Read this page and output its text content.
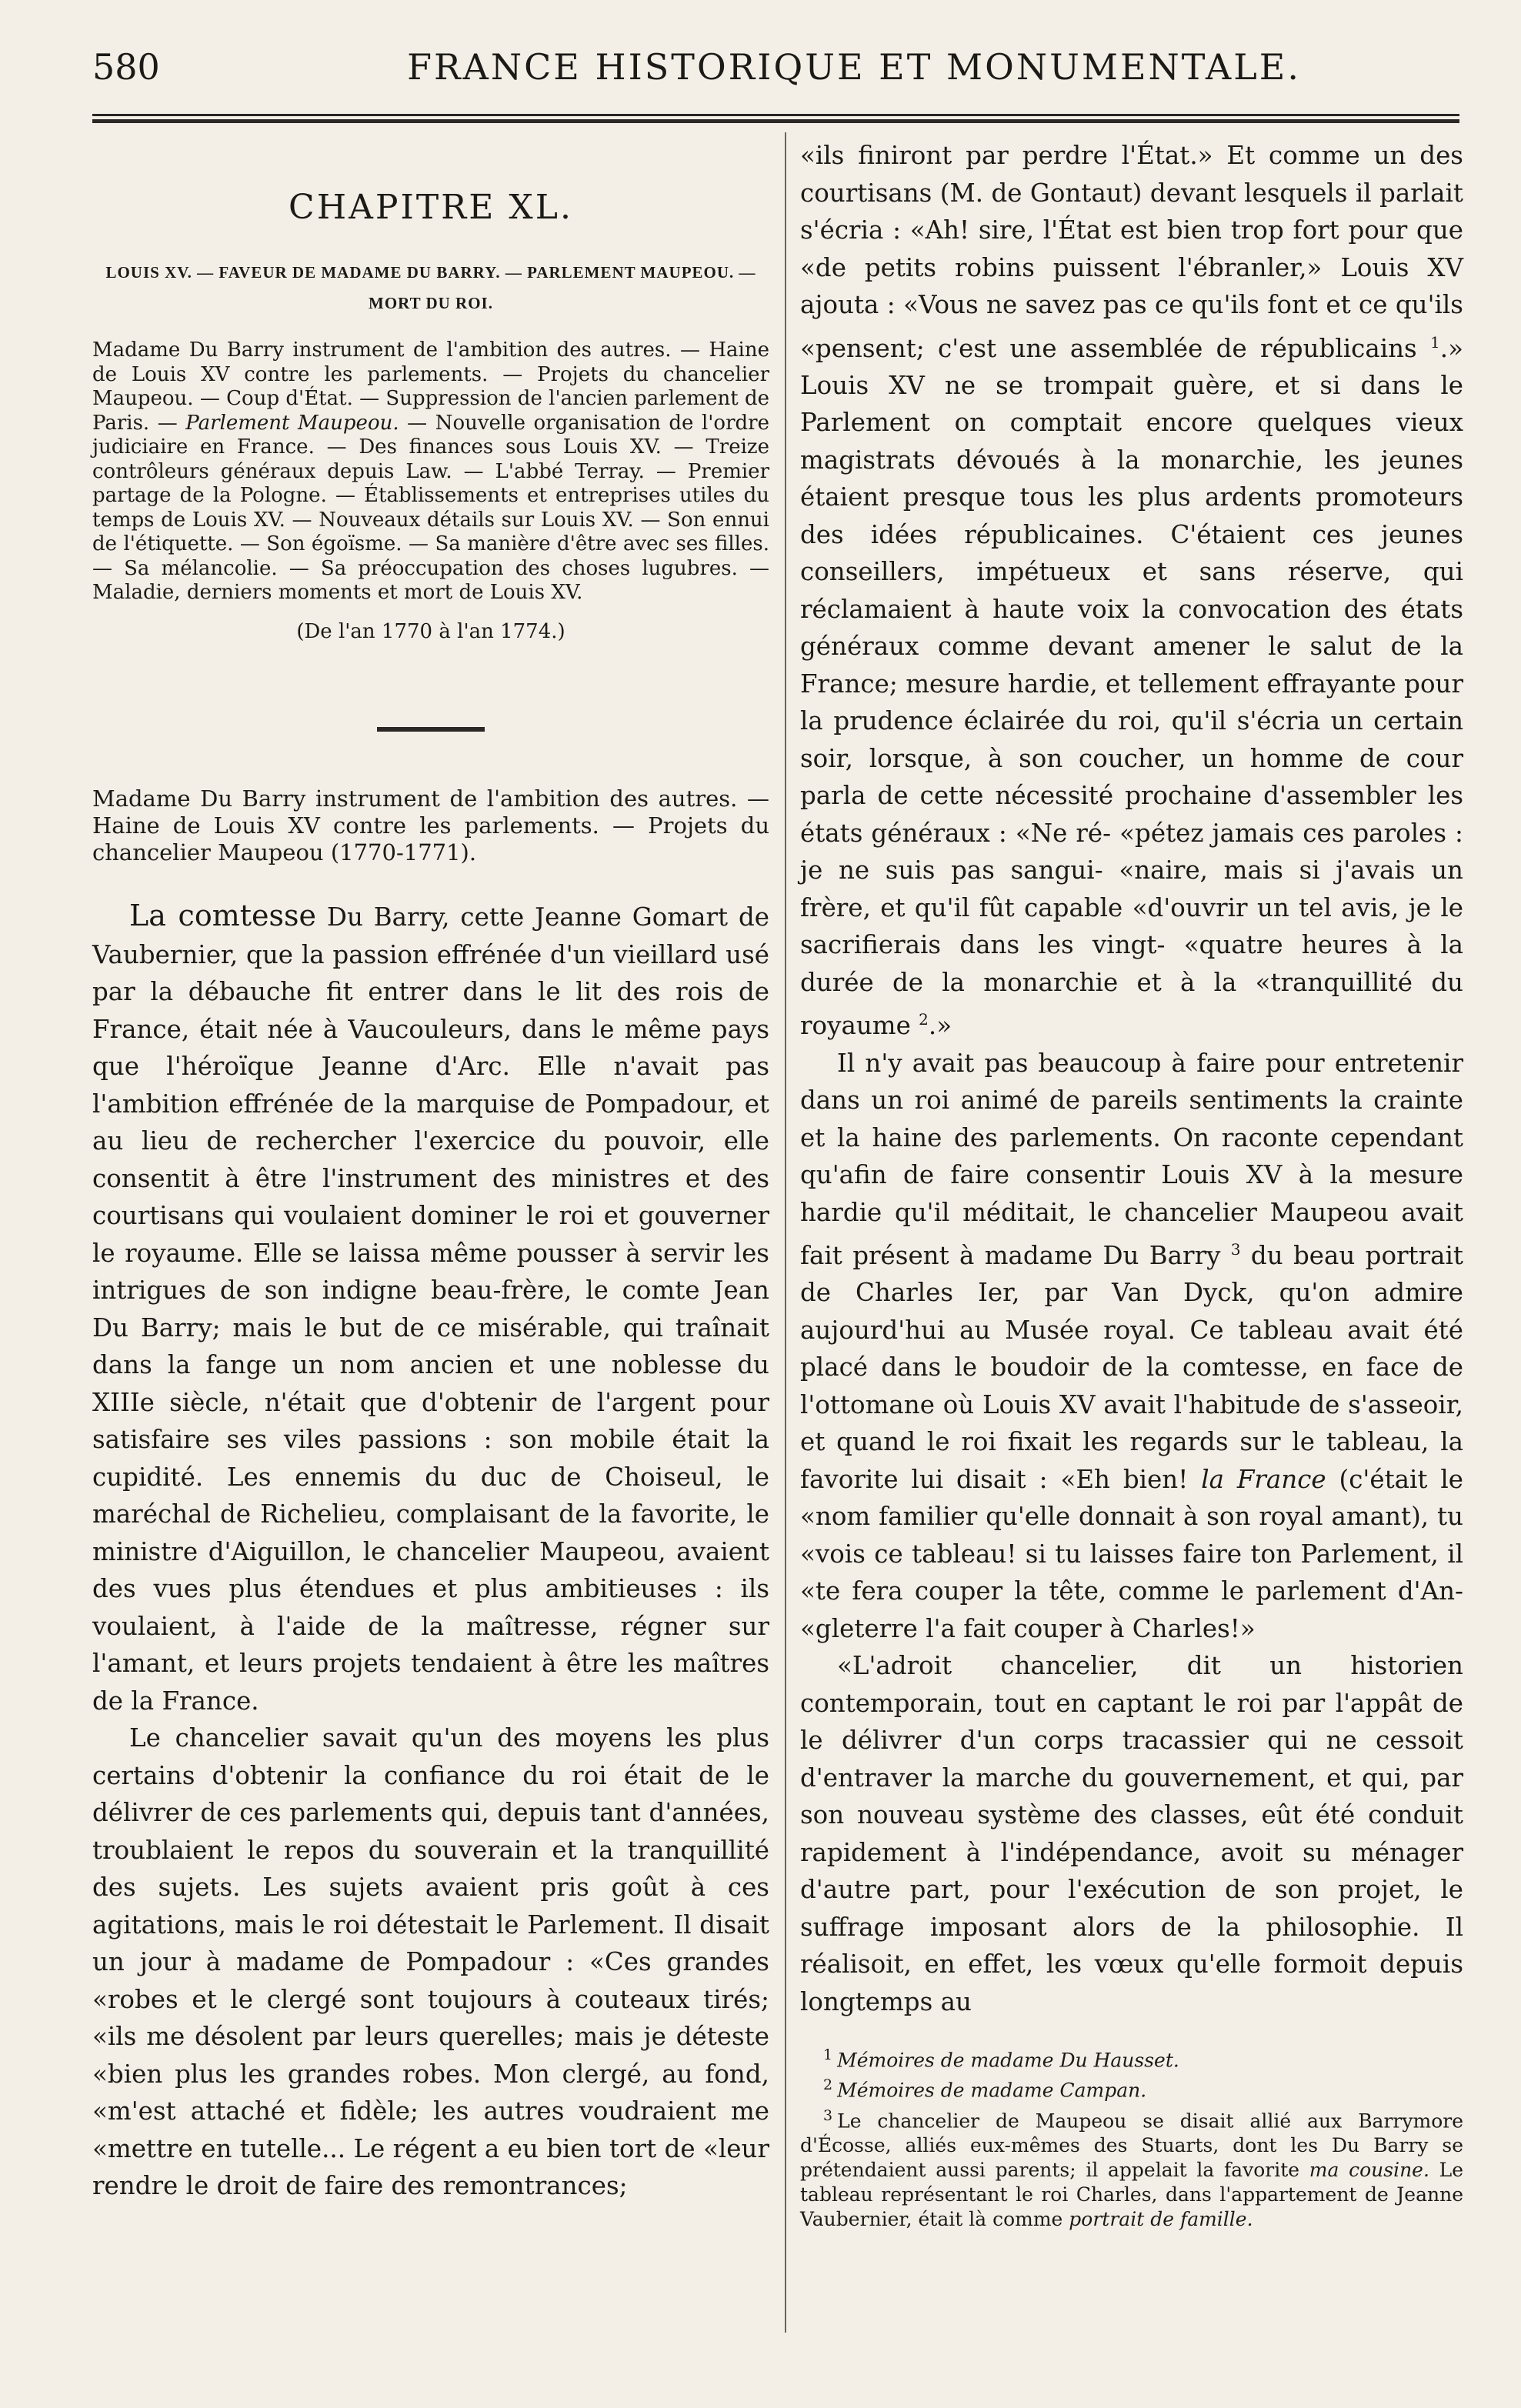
580	FRANCE HISTORIQUE ET MONUMENTALE.
CHAPITRE XL.
LOUIS XV. — FAVEUR DE MADAME DU BARRY. — PARLEMENT MAUPEOU. — MORT DU ROI.

Madame Du Barry instrument de l'ambition des autres. — Haine de Louis XV contre les parlements. — Projets du chancelier Maupeou. — Coup d'État. — Suppression de l'ancien parlement de Paris. — Parlement Maupeou. — Nouvelle organisation de l'ordre judiciaire en France. — Des finances sous Louis XV. — Treize contrôleurs généraux depuis Law. — L'abbé Terray. — Premier partage de la Pologne. — Établissements et entreprises utiles du temps de Louis XV. — Nouveaux détails sur Louis XV. — Son ennui de l'étiquette. — Son égoïsme. — Sa manière d'être avec ses filles. — Sa mélancolie. — Sa préoccupation des choses lugubres. — Maladie, derniers moments et mort de Louis XV.

(De l'an 1770 à l'an 1774.)

Madame Du Barry instrument de l'ambition des autres. — Haine de Louis XV contre les parlements. — Projets du chancelier Maupeou (1770-1771).

La comtesse Du Barry, cette Jeanne Gomart de Vaubernier, que la passion effrénée d'un vieillard usé par la débauche fit entrer dans le lit des rois de France, était née à Vaucouleurs, dans le même pays que l'héroïque Jeanne d'Arc. Elle n'avait pas l'ambition effrénée de la marquise de Pompadour, et au lieu de rechercher l'exercice du pouvoir, elle consentit à être l'instrument des ministres et des courtisans qui voulaient dominer le roi et gouverner le royaume. Elle se laissa même pousser à servir les intrigues de son indigne beau-frère, le comte Jean Du Barry; mais le but de ce misérable, qui traînait dans la fange un nom ancien et une noblesse du XIIIe siècle, n'était que d'obtenir de l'argent pour satisfaire ses viles passions : son mobile était la cupidité. Les ennemis du duc de Choiseul, le maréchal de Richelieu, complaisant de la favorite, le ministre d'Aiguillon, le chancelier Maupeou, avaient des vues plus étendues et plus ambitieuses : ils voulaient, à l'aide de la maîtresse, régner sur l'amant, et leurs projets tendaient à être les maîtres de la France.

Le chancelier savait qu'un des moyens les plus certains d'obtenir la confiance du roi était de le délivrer de ces parlements qui, depuis tant d'années, troublaient le repos du souverain et la tranquillité des sujets. Les sujets avaient pris goût à ces agitations, mais le roi détestait le Parlement. Il disait un jour à madame de Pompadour : «Ces grandes «robes et le clergé sont toujours à couteaux tirés; «ils me désolent par leurs querelles; mais je déteste «bien plus les grandes robes. Mon clergé, au fond, «m'est attaché et fidèle; les autres voudraient me «mettre en tutelle... Le régent a eu bien tort de «leur rendre le droit de faire des remontrances;

«ils finiront par perdre l'État.» Et comme un des courtisans (M. de Gontaut) devant lesquels il parlait s'écria : «Ah! sire, l'État est bien trop fort pour que «de petits robins puissent l'ébranler,» Louis XV ajouta : «Vous ne savez pas ce qu'ils font et ce qu'ils «pensent; c'est une assemblée de républicains $^1$.» Louis XV ne se trompait guère, et si dans le Parlement on comptait encore quelques vieux magistrats dévoués à la monarchie, les jeunes étaient presque tous les plus ardents promoteurs des idées républicaines. C'étaient ces jeunes conseillers, impétueux et sans réserve, qui réclamaient à haute voix la convocation des états généraux comme devant amener le salut de la France; mesure hardie, et tellement effrayante pour la prudence éclairée du roi, qu'il s'écria un certain soir, lorsque, à son coucher, un homme de cour parla de cette nécessité prochaine d'assembler les états généraux : «Ne ré- «pétez jamais ces paroles : je ne suis pas sangui- «naire, mais si j'avais un frère, et qu'il fût capable «d'ouvrir un tel avis, je le sacrifierais dans les vingt- «quatre heures à la durée de la monarchie et à la «tranquillité du royaume $^2$.»

Il n'y avait pas beaucoup à faire pour entretenir dans un roi animé de pareils sentiments la crainte et la haine des parlements. On raconte cependant qu'afin de faire consentir Louis XV à la mesure hardie qu'il méditait, le chancelier Maupeou avait fait présent à madame Du Barry $^3$ du beau portrait de Charles Ier, par Van Dyck, qu'on admire aujourd'hui au Musée royal. Ce tableau avait été placé dans le boudoir de la comtesse, en face de l'ottomane où Louis XV avait l'habitude de s'asseoir, et quand le roi fixait les regards sur le tableau, la favorite lui disait : «Eh bien! la France (c'était le «nom familier qu'elle donnait à son royal amant), tu «vois ce tableau! si tu laisses faire ton Parlement, il «te fera couper la tête, comme le parlement d'An- «gleterre l'a fait couper à Charles!»

«L'adroit chancelier, dit un historien contemporain, tout en captant le roi par l'appât de le délivrer d'un corps tracassier qui ne cessoit d'entraver la marche du gouvernement, et qui, par son nouveau système des classes, eût été conduit rapidement à l'indépendance, avoit su ménager d'autre part, pour l'exécution de son projet, le suffrage imposant alors de la philosophie. Il réalisoit, en effet, les vœux qu'elle formoit depuis longtemps au

$^1$ Mémoires de madame Du Hausset.

$^2$ Mémoires de madame Campan.

$^3$ Le chancelier de Maupeou se disait allié aux Barrymore d'Écosse, alliés eux-mêmes des Stuarts, dont les Du Barry se prétendaient aussi parents; il appelait la favorite ma cousine. Le tableau représentant le roi Charles, dans l'appartement de Jeanne Vaubernier, était là comme portrait de famille.
